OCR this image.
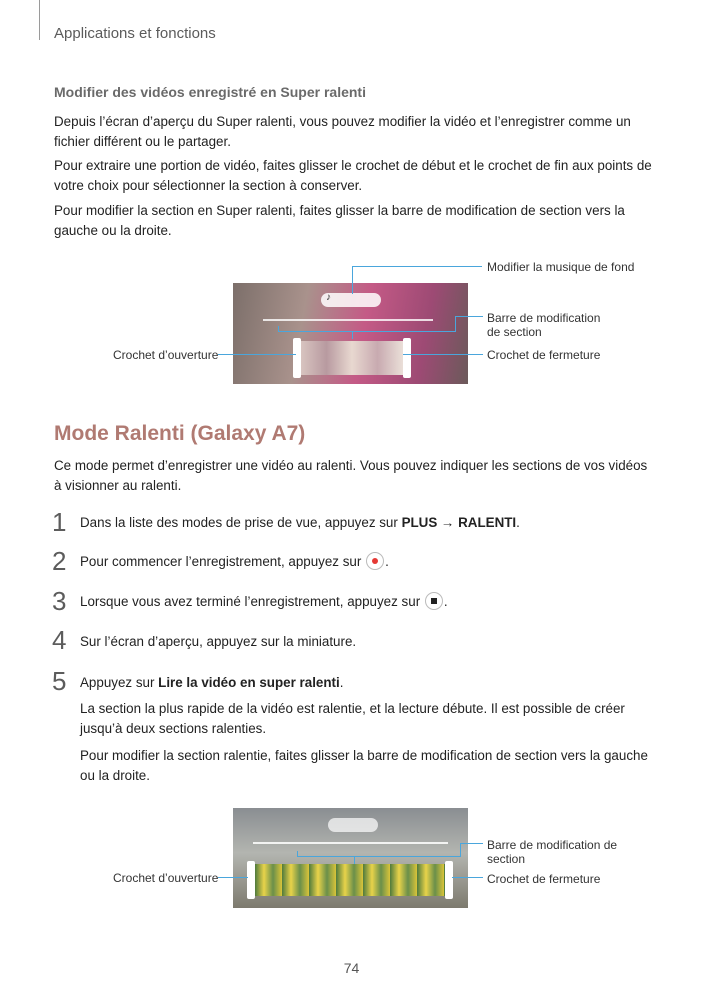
Applications et fonctions
Modifier des vidéos enregistré en Super ralenti

Depuis l’écran d’aperçu du Super ralenti, vous pouvez modifier la vidéo et l’enregistrer comme un fichier différent ou le partager.

Pour extraire une portion de vidéo, faites glisser le crochet de début et le crochet de fin aux points de votre choix pour sélectionner la section à conserver.

Pour modifier la section en Super ralenti, faites glisser la barre de modification de section vers la gauche ou la droite.

♪
Modifier la musique de fond
Barre de modification
de section
Crochet d’ouverture	Crochet de fermeture
Mode Ralenti (Galaxy A7)

Ce mode permet d’enregistrer une vidéo au ralenti. Vous pouvez indiquer les sections de vos vidéos à visionner au ralenti.

1 Dans la liste des modes de prise de vue, appuyez sur PLUS → RALENTI.
2 Pour commencer l’enregistrement, appuyez sur
.
3 Lorsque vous avez terminé l’enregistrement, appuyez sur
.
4 Sur l’écran d’aperçu, appuyez sur la miniature.
5 Appuyez sur Lire la vidéo en super ralenti.

La section la plus rapide de la vidéo est ralentie, et la lecture débute. Il est possible de créer jusqu’à deux sections ralenties.

Pour modifier la section ralentie, faites glisser la barre de modification de section vers la gauche ou la droite.

Barre de modification de
section
Crochet d’ouverture	Crochet de fermeture
74
